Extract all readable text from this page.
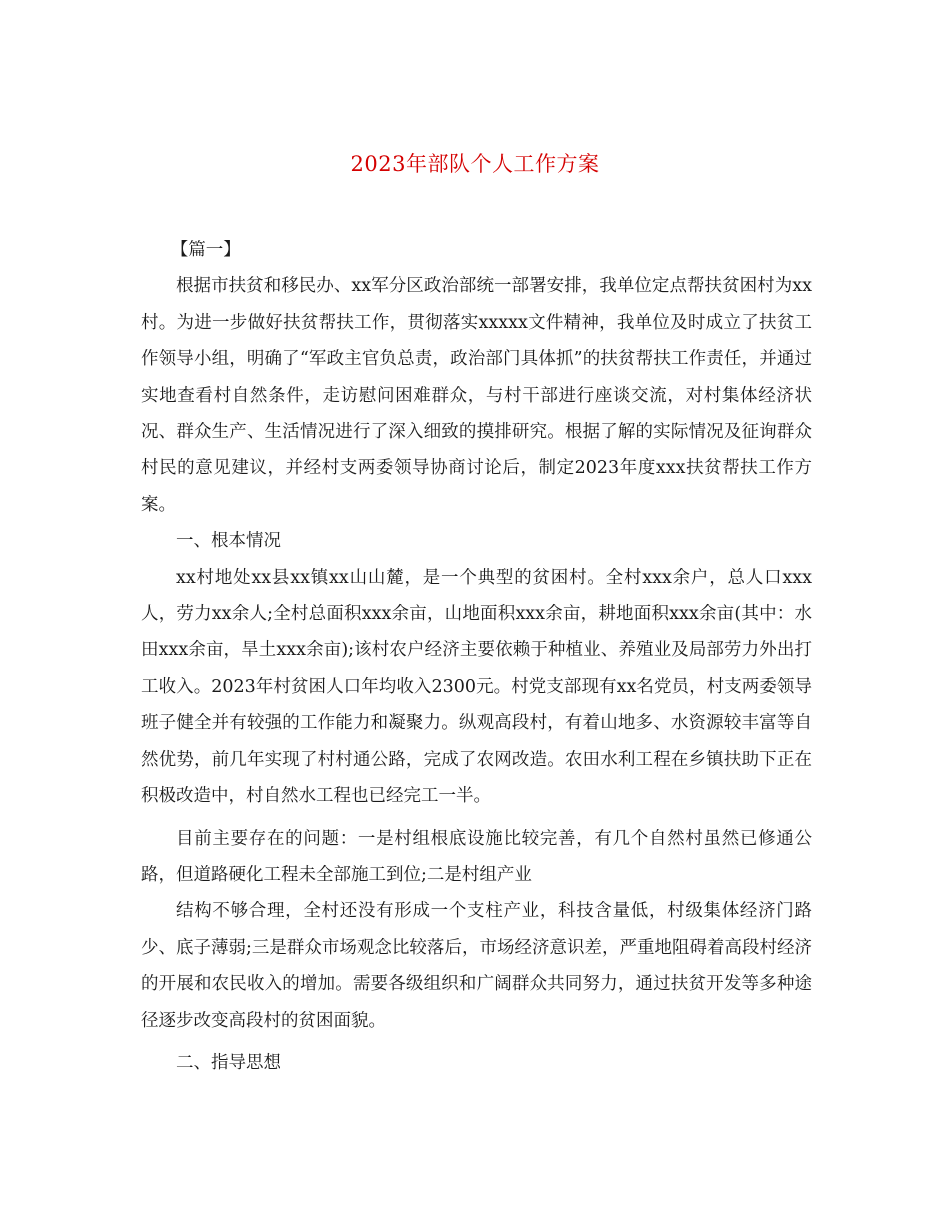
2023年部队个人工作方案

【篇一】

根据市扶贫和移民办、xx军分区政治部统一部署安排，我单位定点帮扶贫困村为xx村。为进一步做好扶贫帮扶工作，贯彻落实xxxxx文件精神，我单位及时成立了扶贫工作领导小组，明确了“军政主官负总责，政治部门具体抓”的扶贫帮扶工作责任，并通过实地查看村自然条件，走访慰问困难群众，与村干部进行座谈交流，对村集体经济状况、群众生产、生活情况进行了深入细致的摸排研究。根据了解的实际情况及征询群众村民的意见建议，并经村支两委领导协商讨论后，制定2023年度xxx扶贫帮扶工作方案。

一、根本情况

xx村地处xx县xx镇xx山山麓，是一个典型的贫困村。全村xxx余户，总人口xxx人，劳力xx余人;全村总面积xxx余亩，山地面积xxx余亩，耕地面积xxx余亩(其中：水田xxx余亩，旱土xxx余亩);该村农户经济主要依赖于种植业、养殖业及局部劳力外出打工收入。2023年村贫困人口年均收入2300元。村党支部现有xx名党员，村支两委领导班子健全并有较强的工作能力和凝聚力。纵观高段村，有着山地多、水资源较丰富等自然优势，前几年实现了村村通公路，完成了农网改造。农田水利工程在乡镇扶助下正在积极改造中，村自然水工程也已经完工一半。

目前主要存在的问题：一是村组根底设施比较完善，有几个自然村虽然已修通公路，但道路硬化工程未全部施工到位;二是村组产业

结构不够合理，全村还没有形成一个支柱产业，科技含量低，村级集体经济门路少、底子薄弱;三是群众市场观念比较落后，市场经济意识差，严重地阻碍着高段村经济的开展和农民收入的增加。需要各级组织和广阔群众共同努力，通过扶贫开发等多种途径逐步改变高段村的贫困面貌。

二、指导思想
